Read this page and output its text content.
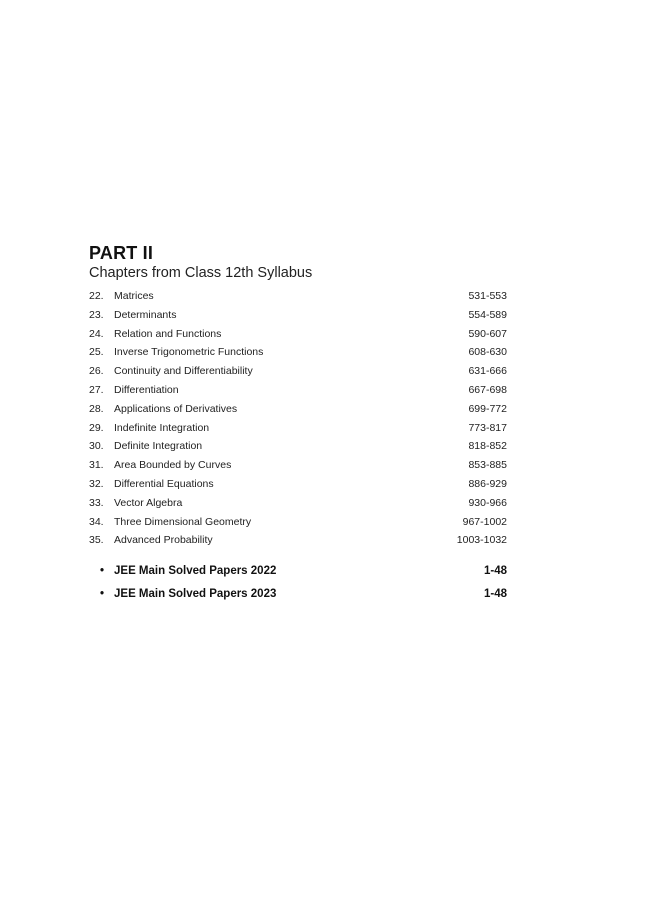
PART II
Chapters from Class 12th Syllabus
22. Matrices	531-553
23. Determinants	554-589
24. Relation and Functions	590-607
25. Inverse Trigonometric Functions	608-630
26. Continuity and Differentiability	631-666
27. Differentiation	667-698
28. Applications of Derivatives	699-772
29. Indefinite Integration	773-817
30. Definite Integration	818-852
31. Area Bounded by Curves	853-885
32. Differential Equations	886-929
33. Vector Algebra	930-966
34. Three Dimensional Geometry	967-1002
35. Advanced Probability	1003-1032
• JEE Main Solved Papers 2022	1-48
• JEE Main Solved Papers 2023	1-48
